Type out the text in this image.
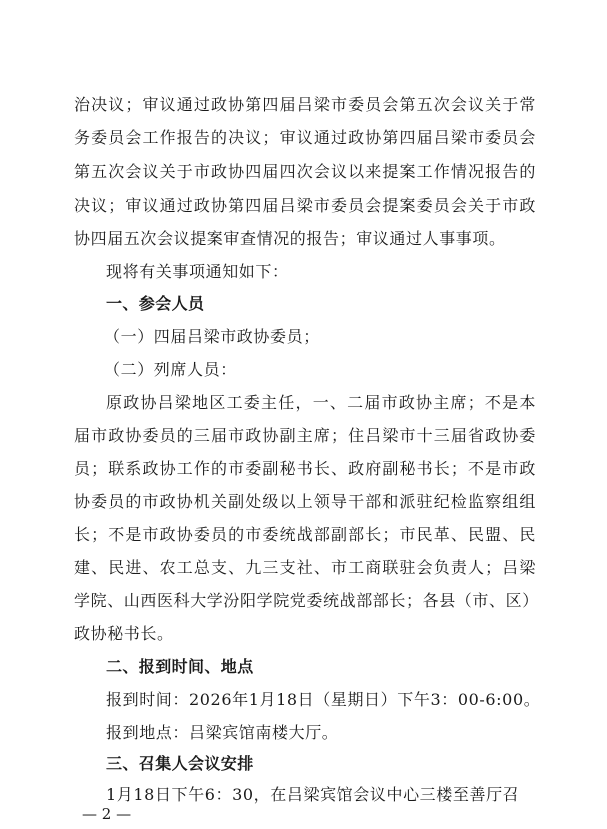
治决议；审议通过政协第四届吕梁市委员会第五次会议关于常
务委员会工作报告的决议；审议通过政协第四届吕梁市委员会
第五次会议关于市政协四届四次会议以来提案工作情况报告的
决议；审议通过政协第四届吕梁市委员会提案委员会关于市政
协四届五次会议提案审查情况的报告；审议通过人事事项。
现将有关事项通知如下：
一、参会人员
（一）四届吕梁市政协委员；
（二）列席人员：
原政协吕梁地区工委主任，一、二届市政协主席；不是本
届市政协委员的三届市政协副主席；住吕梁市十三届省政协委
员；联系政协工作的市委副秘书长、政府副秘书长；不是市政
协委员的市政协机关副处级以上领导干部和派驻纪检监察组组
长；不是市政协委员的市委统战部副部长；市民革、民盟、民
建、民进、农工总支、九三支社、市工商联驻会负责人；吕梁
学院、山西医科大学汾阳学院党委统战部部长；各县（市、区）
政协秘书长。
二、报到时间、地点
报到时间：2026年1月18日（星期日）下午3：00-6:00。
报到地点：吕梁宾馆南楼大厅。
三、召集人会议安排
1月18日下午6：30，在吕梁宾馆会议中心三楼至善厅召
— 2 —
